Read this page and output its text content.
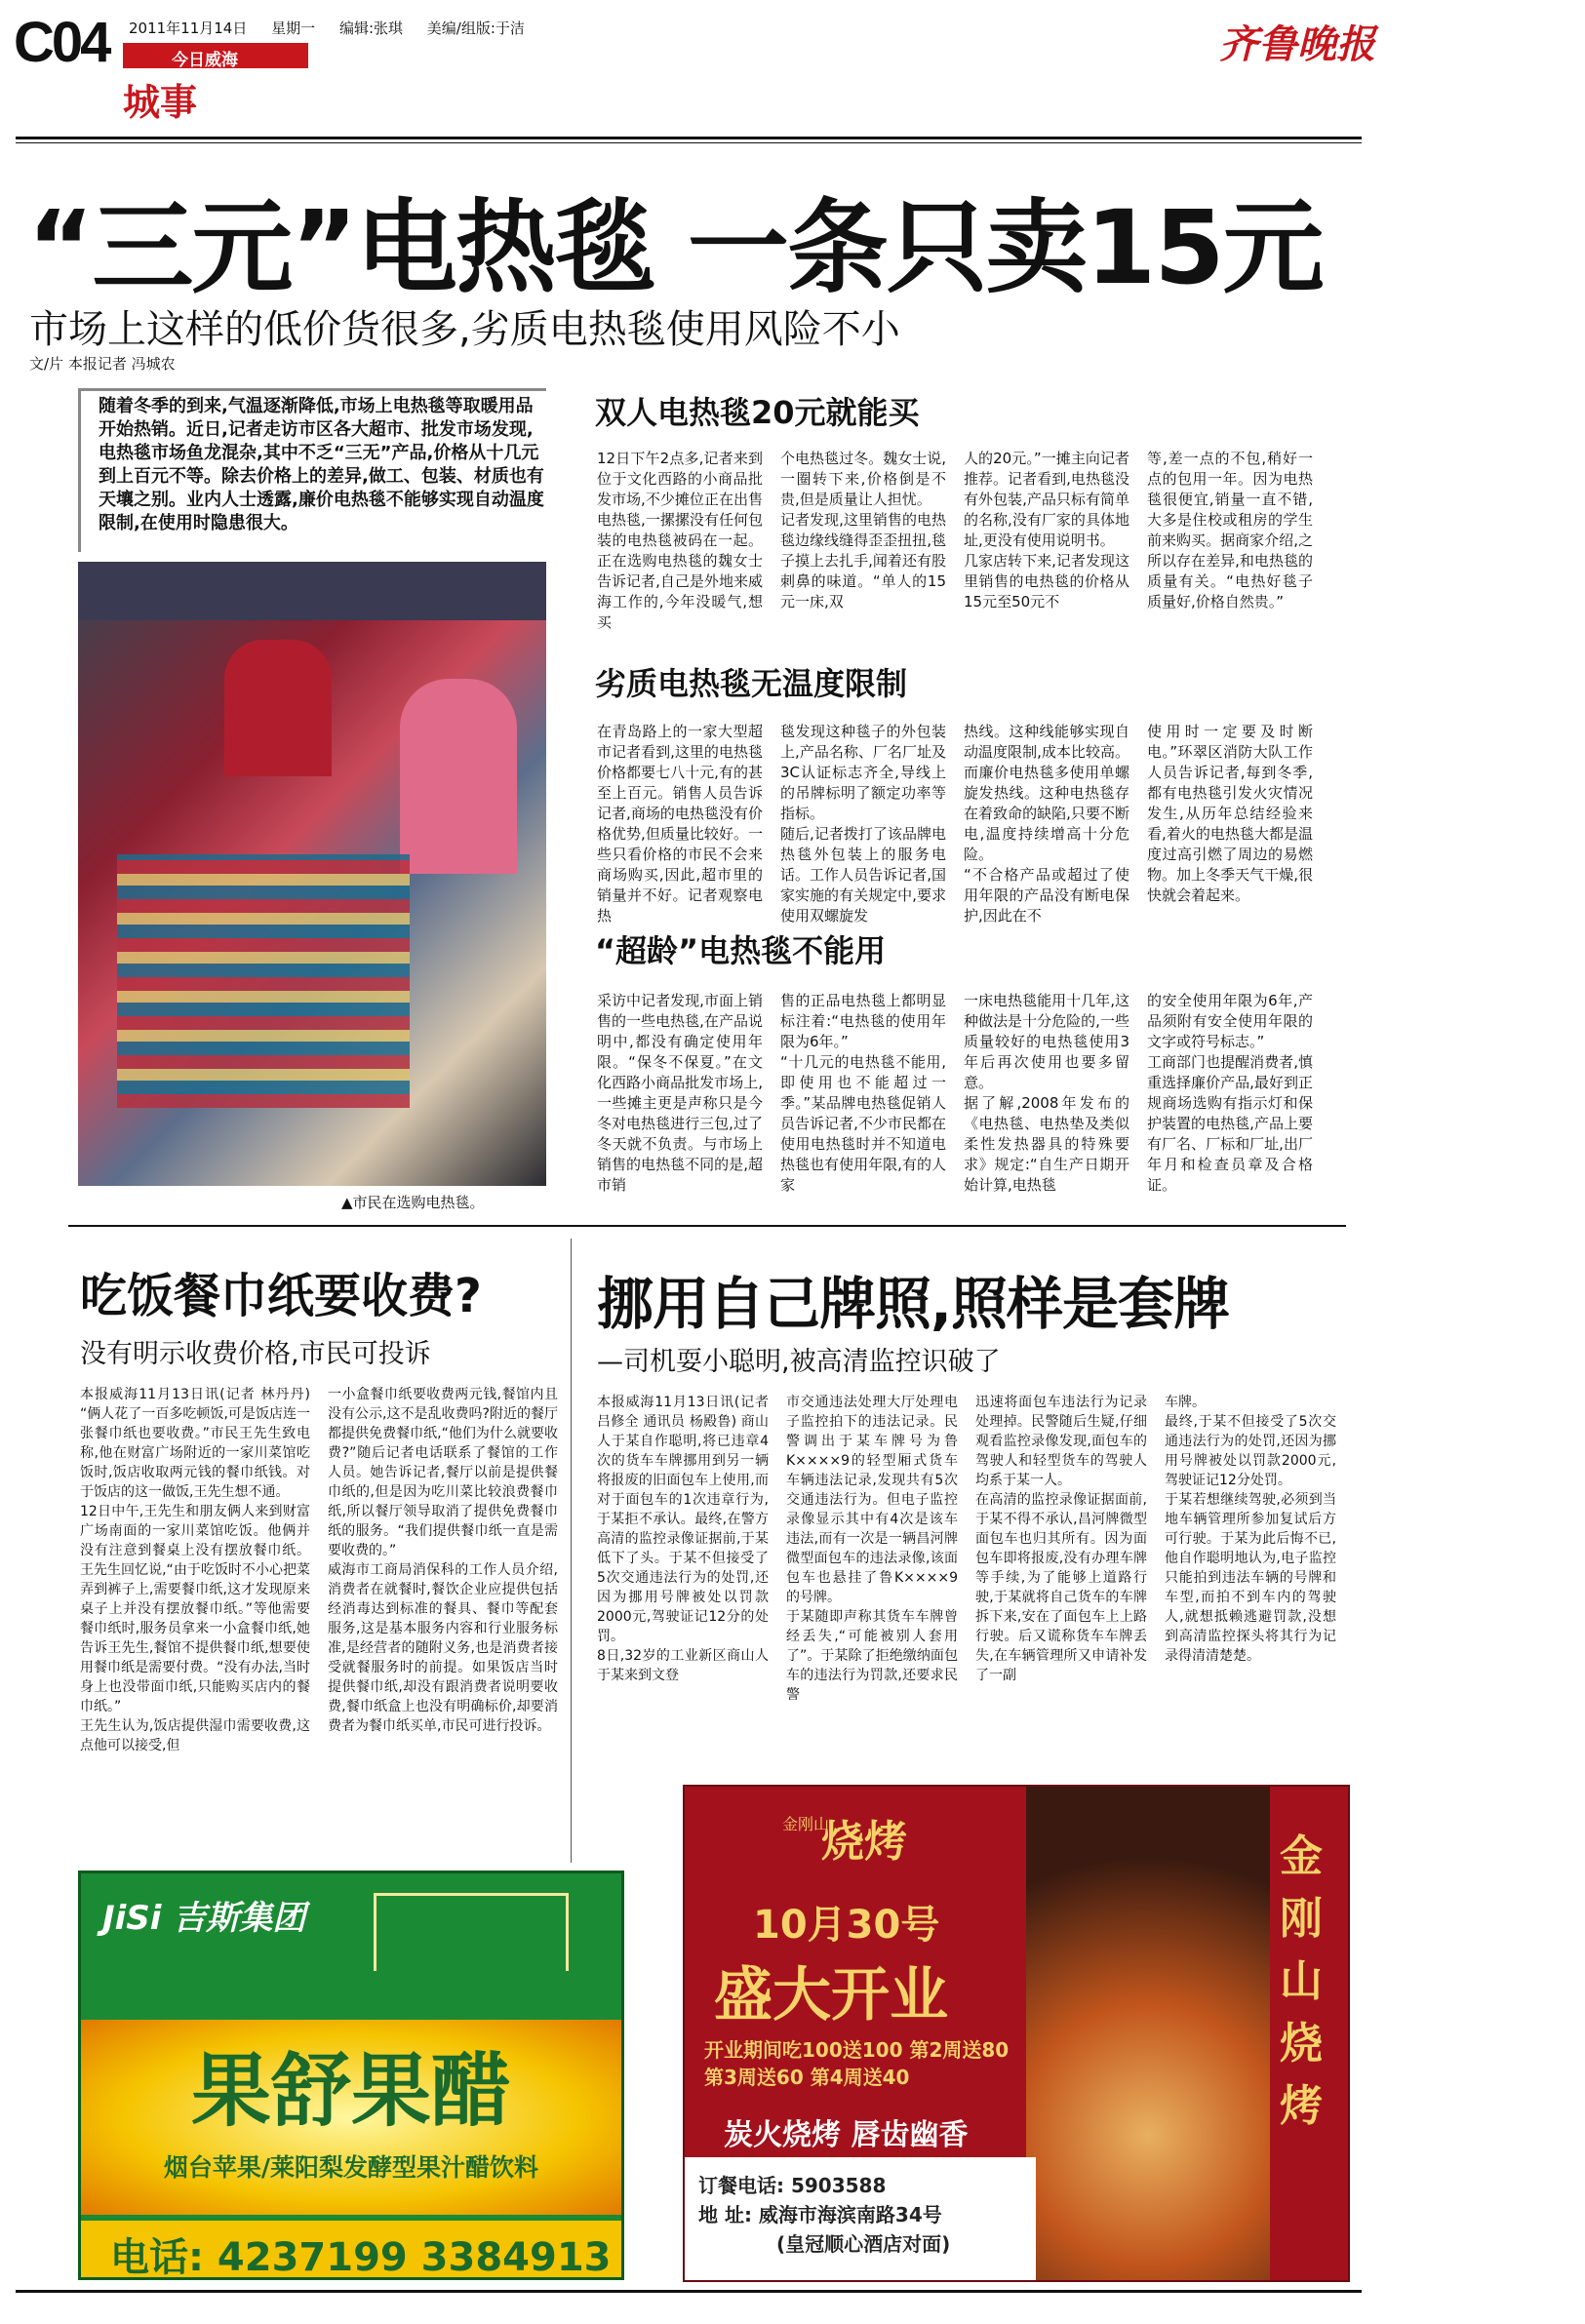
C04 2011年11月14日 星期一 编辑:张琪 美编/组版:于洁
今日威海
城事
齐鲁晚报
“三元”电热毯 一条只卖15元
市场上这样的低价货很多,劣质电热毯使用风险不小
文/片 本报记者 冯城农
随着冬季的到来,气温逐渐降低,市场上电热毯等取暖用品开始热销。近日,记者走访市区各大超市、批发市场发现,电热毯市场鱼龙混杂,其中不乏“三无”产品,价格从十几元到上百元不等。除去价格上的差异,做工、包装、材质也有天壤之别。业内人士透露,廉价电热毯不能够实现自动温度限制,在使用时隐患很大。
▲市民在选购电热毯。
双人电热毯20元就能买
12日下午2点多,记者来到位于文化西路的小商品批发市场,不少摊位正在出售电热毯,一摞摞没有任何包装的电热毯被码在一起。正在选购电热毯的魏女士告诉记者,自己是外地来威海工作的,今年没暖气,想买
个电热毯过冬。魏女士说,一圈转下来,价格倒是不贵,但是质量让人担忧。
记者发现,这里销售的电热毯边缘线缝得歪歪扭扭,毯子摸上去扎手,闻着还有股刺鼻的味道。“单人的15元一床,双
人的20元。”一摊主向记者推荐。记者看到,电热毯没有外包装,产品只标有简单的名称,没有厂家的具体地址,更没有使用说明书。
几家店转下来,记者发现这里销售的电热毯的价格从15元至50元不
等,差一点的不包,稍好一点的包用一年。因为电热毯很便宜,销量一直不错,大多是住校或租房的学生前来购买。据商家介绍,之所以存在差异,和电热毯的质量有关。“电热好毯子质量好,价格自然贵。”
劣质电热毯无温度限制
在青岛路上的一家大型超市记者看到,这里的电热毯价格都要七八十元,有的甚至上百元。销售人员告诉记者,商场的电热毯没有价格优势,但质量比较好。一些只看价格的市民不会来商场购买,因此,超市里的销量并不好。记者观察电热
毯发现这种毯子的外包装上,产品名称、厂名厂址及3C认证标志齐全,导线上的吊牌标明了额定功率等指标。
随后,记者拨打了该品牌电热毯外包装上的服务电话。工作人员告诉记者,国家实施的有关规定中,要求使用双螺旋发
热线。这种线能够实现自动温度限制,成本比较高。而廉价电热毯多使用单螺旋发热线。这种电热毯存在着致命的缺陷,只要不断电,温度持续增高十分危险。
“不合格产品或超过了使用年限的产品没有断电保护,因此在不
使用时一定要及时断电。”环翠区消防大队工作人员告诉记者,每到冬季,都有电热毯引发火灾情况发生,从历年总结经验来看,着火的电热毯大都是温度过高引燃了周边的易燃物。加上冬季天气干燥,很快就会着起来。
“超龄”电热毯不能用
采访中记者发现,市面上销售的一些电热毯,在产品说明中,都没有确定使用年限。“保冬不保夏。”在文化西路小商品批发市场上,一些摊主更是声称只是今冬对电热毯进行三包,过了冬天就不负责。与市场上销售的电热毯不同的是,超市销
售的正品电热毯上都明显标注着:“电热毯的使用年限为6年。”
“十几元的电热毯不能用,即使用也不能超过一季。”某品牌电热毯促销人员告诉记者,不少市民都在使用电热毯时并不知道电热毯也有使用年限,有的人家
一床电热毯能用十几年,这种做法是十分危险的,一些质量较好的电热毯使用3年后再次使用也要多留意。
据了解,2008年发布的《电热毯、电热垫及类似柔性发热器具的特殊要求》规定:“自生产日期开始计算,电热毯
的安全使用年限为6年,产品须附有安全使用年限的文字或符号标志。”
工商部门也提醒消费者,慎重选择廉价产品,最好到正规商场选购有指示灯和保护装置的电热毯,产品上要有厂名、厂标和厂址,出厂年月和检查员章及合格证。
吃饭餐巾纸要收费?
没有明示收费价格,市民可投诉
本报威海11月13日讯(记者 林丹丹) “俩人花了一百多吃顿饭,可是饭店连一张餐巾纸也要收费。”市民王先生致电称,他在财富广场附近的一家川菜馆吃饭时,饭店收取两元钱的餐巾纸钱。对于饭店的这一做饭,王先生想不通。
12日中午,王先生和朋友俩人来到财富广场南面的一家川菜馆吃饭。他俩并没有注意到餐桌上没有摆放餐巾纸。王先生回忆说,“由于吃饭时不小心把菜弄到裤子上,需要餐巾纸,这才发现原来桌子上并没有摆放餐巾纸。”等他需要餐巾纸时,服务员拿来一小盒餐巾纸,她告诉王先生,餐馆不提供餐巾纸,想要使用餐巾纸是需要付费。“没有办法,当时身上也没带面巾纸,只能购买店内的餐巾纸。”
王先生认为,饭店提供湿巾需要收费,这点他可以接受,但
一小盒餐巾纸要收费两元钱,餐馆内且没有公示,这不是乱收费吗?附近的餐厅都提供免费餐巾纸,“他们为什么就要收费?”随后记者电话联系了餐馆的工作人员。她告诉记者,餐厅以前是提供餐巾纸的,但是因为吃川菜比较浪费餐巾纸,所以餐厅领导取消了提供免费餐巾纸的服务。“我们提供餐巾纸一直是需要收费的。”
威海市工商局消保科的工作人员介绍,消费者在就餐时,餐饮企业应提供包括经消毒达到标准的餐具、餐巾等配套服务,这是基本服务内容和行业服务标准,是经营者的随附义务,也是消费者接受就餐服务时的前提。如果饭店当时提供餐巾纸,却没有跟消费者说明要收费,餐巾纸盒上也没有明确标价,却要消费者为餐巾纸买单,市民可进行投诉。
挪用自己牌照,照样是套牌
—司机耍小聪明,被高清监控识破了
本报威海11月13日讯(记者 吕修全 通讯员 杨殿鲁) 商山人于某自作聪明,将已违章4次的货车车牌挪用到另一辆将报废的旧面包车上使用,而对于面包车的1次违章行为,于某拒不承认。最终,在警方高清的监控录像证据前,于某低下了头。于某不但接受了5次交通违法行为的处罚,还因为挪用号牌被处以罚款2000元,驾驶证记12分的处罚。
8日,32岁的工业新区商山人于某来到文登
市交通违法处理大厅处理电子监控拍下的违法记录。民警调出于某车牌号为鲁K××××9的轻型厢式货车车辆违法记录,发现共有5次交通违法行为。但电子监控录像显示其中有4次是该车违法,而有一次是一辆昌河牌微型面包车的违法录像,该面包车也悬挂了鲁K××××9的号牌。
于某随即声称其货车车牌曾经丢失,“可能被别人套用了”。于某除了拒绝缴纳面包车的违法行为罚款,还要求民警
迅速将面包车违法行为记录处理掉。民警随后生疑,仔细观看监控录像发现,面包车的驾驶人和轻型货车的驾驶人均系于某一人。
在高清的监控录像证据面前,于某不得不承认,昌河牌微型面包车也归其所有。因为面包车即将报废,没有办理车牌等手续,为了能够上道路行驶,于某就将自己货车的车牌拆下来,安在了面包车上上路行驶。后又谎称货车车牌丢失,在车辆管理所又申请补发了一副
车牌。
最终,于某不但接受了5次交通违法行为的处罚,还因为挪用号牌被处以罚款2000元,驾驶证记12分处罚。
于某若想继续驾驶,必须到当地车辆管理所参加复试后方可行驶。于某为此后悔不已,他自作聪明地认为,电子监控只能拍到违法车辆的号牌和车型,而拍不到车内的驾驶人,就想抵赖逃避罚款,没想到高清监控探头将其行为记录得清清楚楚。
JiSi 吉斯集团
果舒果醋
烟台苹果/莱阳梨发酵型果汁醋饮料
电话: 4237199 3384913
金刚山
烧烤
10月30号
盛大开业
开业期间吃100送100 第2周送80
第3周送60 第4周送40
炭火烧烤 唇齿幽香
订餐电话: 5903588
地 址: 威海市海滨南路34号
(皇冠顺心酒店对面)
金刚山烧烤
